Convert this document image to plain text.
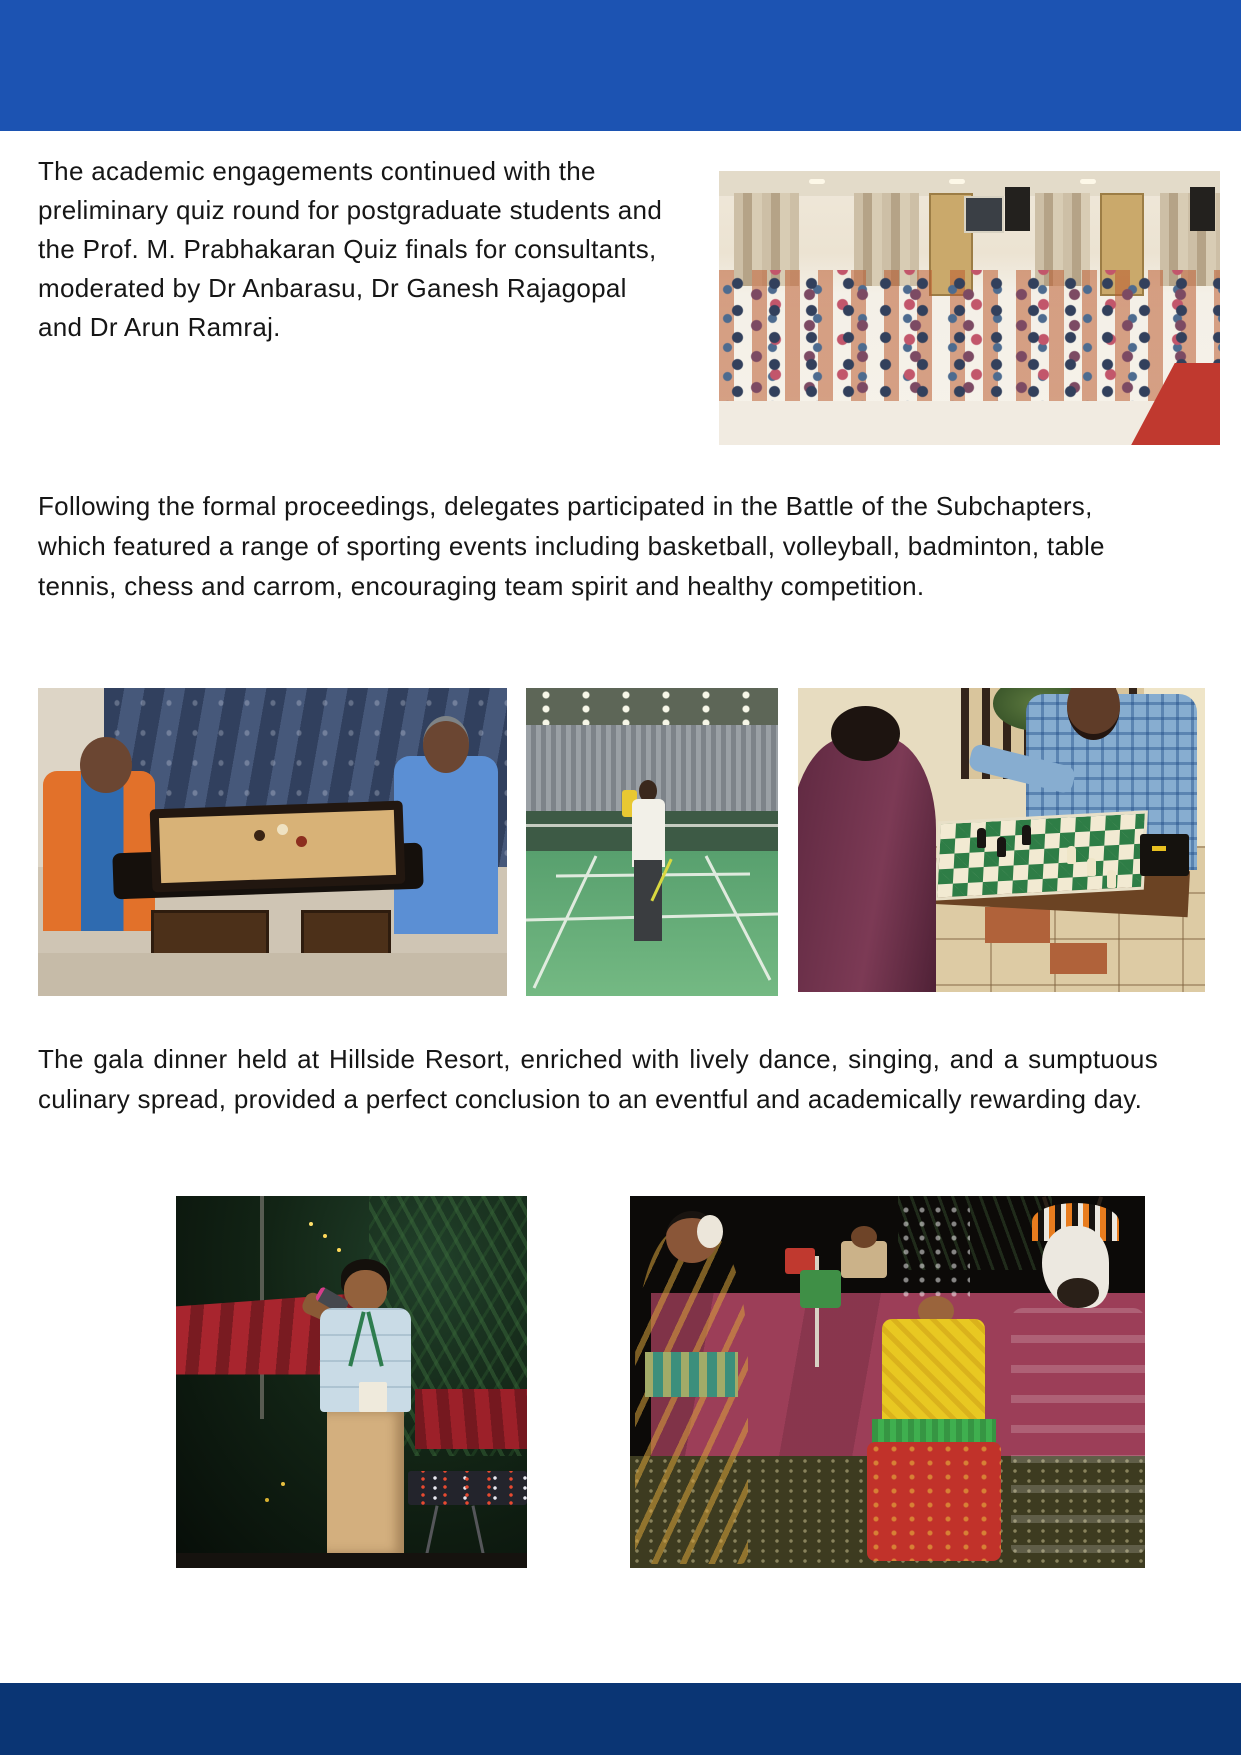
The academic engagements continued with the preliminary quiz round for postgraduate students and the Prof. M. Prabhakaran Quiz finals for consultants, moderated by Dr Anbarasu, Dr Ganesh Rajagopal and Dr Arun Ramraj.

Following the formal proceedings, delegates participated in the Battle of the Subchapters, which featured a range of sporting events including basketball, volleyball, badminton, table tennis, chess and carrom, encouraging team spirit and healthy competition.

The gala dinner held at Hillside Resort, enriched with lively dance, singing, and a sumptuous culinary spread, provided a perfect conclusion to an eventful and academically rewarding day.
